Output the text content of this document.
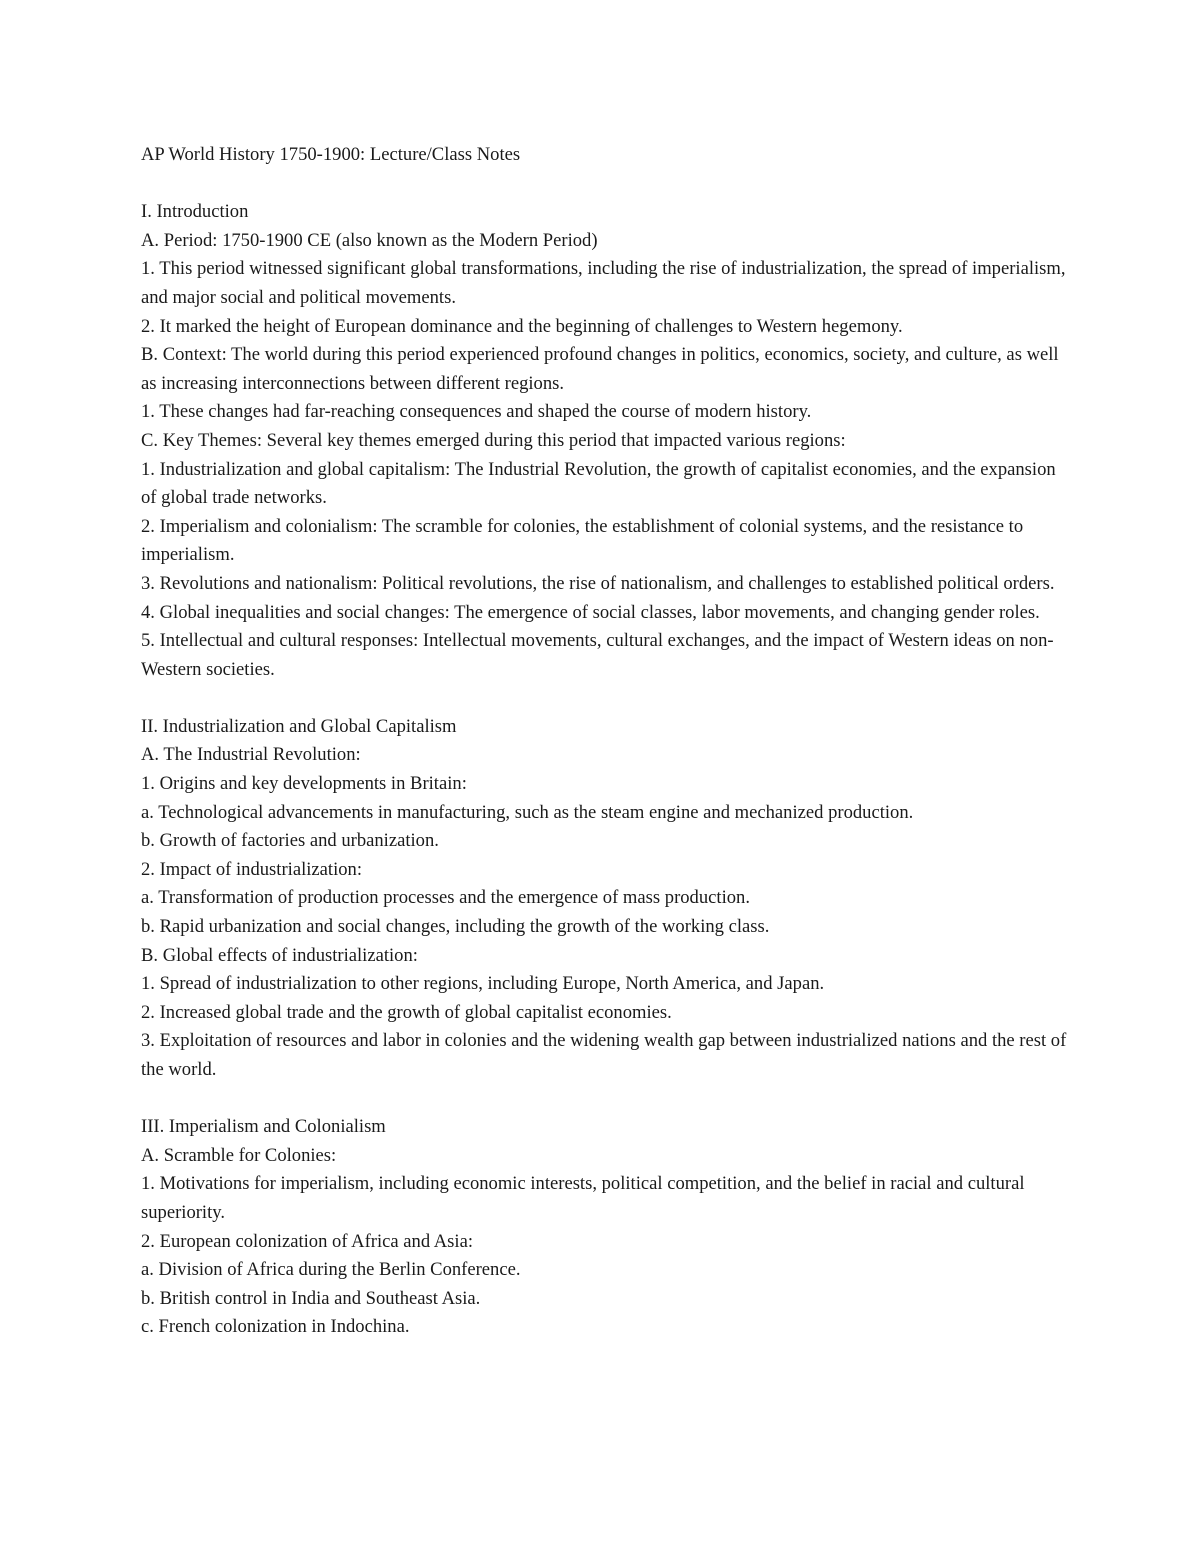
AP World History 1750-1900: Lecture/Class Notes

I. Introduction

A. Period: 1750-1900 CE (also known as the Modern Period)

1. This period witnessed significant global transformations, including the rise of industrialization, the spread of imperialism, and major social and political movements.

2. It marked the height of European dominance and the beginning of challenges to Western hegemony.

B. Context: The world during this period experienced profound changes in politics, economics, society, and culture, as well as increasing interconnections between different regions.

1. These changes had far-reaching consequences and shaped the course of modern history.

C. Key Themes: Several key themes emerged during this period that impacted various regions:

1. Industrialization and global capitalism: The Industrial Revolution, the growth of capitalist economies, and the expansion of global trade networks.

2. Imperialism and colonialism: The scramble for colonies, the establishment of colonial systems, and the resistance to imperialism.

3. Revolutions and nationalism: Political revolutions, the rise of nationalism, and challenges to established political orders.

4. Global inequalities and social changes: The emergence of social classes, labor movements, and changing gender roles.

5. Intellectual and cultural responses: Intellectual movements, cultural exchanges, and the impact of Western ideas on non-Western societies.

II. Industrialization and Global Capitalism

A. The Industrial Revolution:

1. Origins and key developments in Britain:

a. Technological advancements in manufacturing, such as the steam engine and mechanized production.

b. Growth of factories and urbanization.

2. Impact of industrialization:

a. Transformation of production processes and the emergence of mass production.

b. Rapid urbanization and social changes, including the growth of the working class.

B. Global effects of industrialization:

1. Spread of industrialization to other regions, including Europe, North America, and Japan.

2. Increased global trade and the growth of global capitalist economies.

3. Exploitation of resources and labor in colonies and the widening wealth gap between industrialized nations and the rest of the world.

III. Imperialism and Colonialism

A. Scramble for Colonies:

1. Motivations for imperialism, including economic interests, political competition, and the belief in racial and cultural superiority.

2. European colonization of Africa and Asia:

a. Division of Africa during the Berlin Conference.

b. British control in India and Southeast Asia.

c. French colonization in Indochina.
